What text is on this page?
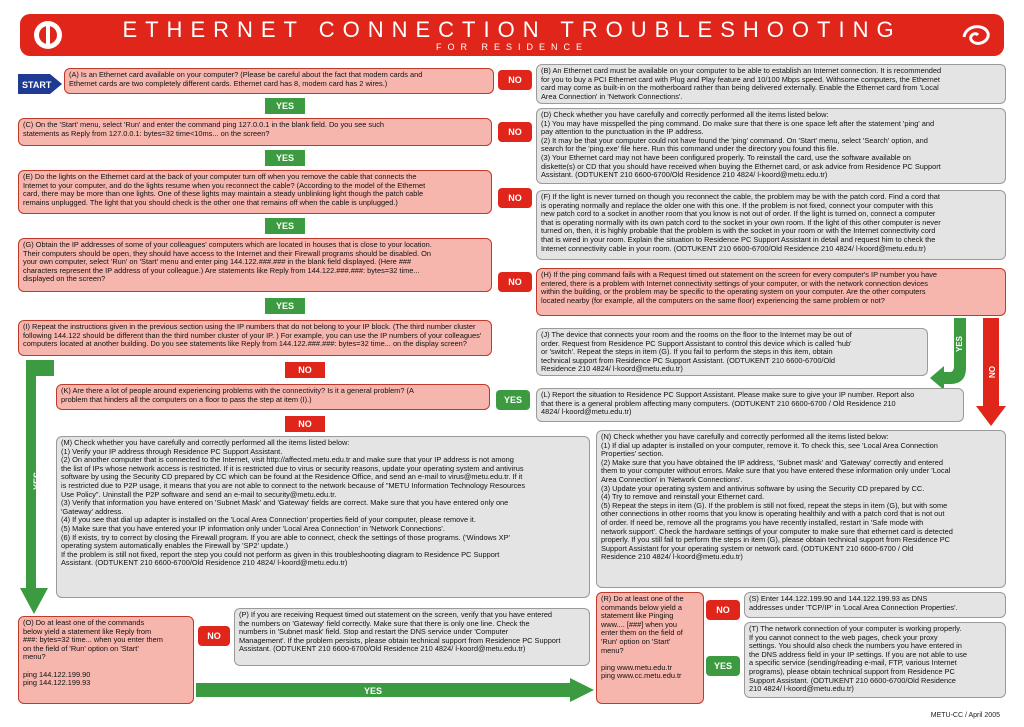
ETHERNET CONNECTION TROUBLESHOOTING
FOR RESIDENCE
START
(A) Is an Ethernet card available on your computer? (Please be careful about the fact that modem cards and
Ethernet cards are two completely different cards. Ethernet card has 8, modem card has 2 wires.)	NO
(B) An Ethernet card must be available on your computer to be able to establish an Internet connection. It is recommended
for you to buy a PCI Ethernet card with Plug and Play feature and 10/100 Mbps speed. Withsome computers, the Ethernet
card may come as built-in on the motherboard rather than being delivered externally. Enable the Ethernet card from 'Local
Area Connection' in 'Network Connections'.
YES
(C) On the 'Start' menu, select 'Run' and enter the command ping 127.0.0.1 in the blank field. Do you see such
statements as Reply from 127.0.0.1: bytes=32 time<10ms... on the screen?	NO
(D) Check whether you have carefully and correctly performed all the items listed below:
(1) You may have misspelled the ping command. Do make sure that there is one space left after the statement 'ping' and
pay attention to the punctuation in the IP address.
(2) It may be that your computer could not have found the 'ping' command. On 'Start' menu, select 'Search' option, and
search for the 'ping.exe' file here. Run this command under the directory you found this file.
(3) Your Ethernet card may not have been configured properly. To reinstall the card, use the software available on
diskette(s) or CD that you should have received when buying the Ethernet card, or ask advice from Residence PC Support
Assistant. (ODTUKENT 210 6600-6700/Old Residence 210 4824/ l-koord@metu.edu.tr)
YES
(E) Do the lights on the Ethernet card at the back of your computer turn off when you remove the cable that connects the
Internet to your computer, and do the lights resume when you reconnect the cable? (According to the model of the Ethernet
card, there may be more than one lights. One of these lights may maintain a steady unblinking light though the patch cable
remains unplugged. The light that you should check is the other one that remains off when the cable is unplugged.)	NO	(F) If the light is never turned on though you reconnect the cable, the problem may be with the patch cord. Find a cord that
is operating normally and replace the older one with this one. If the problem is not fixed, connect your computer with this
new patch cord to a socket in another room that you know is not out of order. If the light is turned on, connect a computer
that is operating normally with its own patch cord to the socket in your own room. If the light of this other computer is never
turned on, then, it is highly probable that the problem is with the socket in your room or with the Internet connectivity cord
that is wired in your room. Explain the situation to Residence PC Support Assistant in detail and request him to check the
Internet connectivity cable in your room. (ODTUKENT 210 6600-6700/Old Residence 210 4824/ l-koord@metu.edu.tr)
YES
(G) Obtain the IP addresses of some of your colleagues' computers which are located in houses that is close to your location.
Their computers should be open, they should have access to the Internet and their Firewall programs should be disabled. On
your own computer, select 'Run' on 'Start' menu and enter ping 144.122.###.### in the blank field displayed. (Here ###
characters represent the IP address of your colleague.) Are statements like Reply from 144.122.###.###: bytes=32 time...
displayed on the screen?	NO
(H) If the ping command fails with a Request timed out statement on the screen for every computer's IP number you have
entered, there is a problem with Internet connectivity settings of your computer, or with the network connection devices
within the building, or the problem may be specific to the operating system on your computer. Are the other computers
located nearby (for example, all the computers on the same floor) experiencing the same problem or not?
YES
(I) Repeat the instructions given in the previous section using the IP numbers that do not belong to your IP block. (The third number cluster
following 144.122 should be different than the third number cluster of your IP. ) For example, you can use the IP numbers of your colleagues'
computers located at another building. Do you see statements like Reply from 144.122.###.###: bytes=32 time... on the display screen?
(J) The device that connects your room and the rooms on the floor to the Internet may be out of
order. Request from Residence PC Support Assistant to control this device which is called 'hub'
or 'switch'. Repeat the steps in item (G). If you fail to perform the steps in this item, obtain
technical support from Residence PC Support Assistant. (ODTUKENT 210 6600-6700/Old
Residence 210 4824/ l-koord@metu.edu.tr)
YES
NO
NO
(K) Are there a lot of people around experiencing problems with the connectivity? Is it a general problem? (A
problem that hinders all the computers on a floor to pass the step at item (I).)	YES
(L) Report the situation to Residence PC Support Assistant. Please make sure to give your IP number. Report also
that there is a general problem affecting many computers. (ODTUKENT 210 6600-6700 / Old Residence 210
4824/ l-koord@metu.edu.tr)
YES
NO
(M) Check whether you have carefully and correctly performed all the items listed below:
(1) Verify your IP address through Residence PC Support Assistant.
(2) On another computer that is connected to the Internet, visit http://affected.metu.edu.tr and make sure that your IP address is not among
the list of IPs whose network access is restricted. If it is restricted due to virus or security reasons, update your operating system and antivirus
software by using the Security CD prepared by CC which can be found at the Residence Office, and send an e-mail to virus@metu.edu.tr. If it
is restricted due to P2P usage, it means that you are not able to connect to the network because of "METU Information Technology Resources
Use Policy". Uninstall the P2P software and send an e-mail to security@metu.edu.tr.
(3) Verify that information you have entered on 'Subnet Mask' and 'Gateway' fields are correct. Make sure that you have entered only one
'Gateway' address.
(4) If you see that dial up adapter is installed on the 'Local Area Connection' properties field of your computer, please remove it.
(5) Make sure that you have entered your IP information only under 'Local Area Connection' in 'Network Connections'.
(6) If exists, try to correct by closing the Firewall program. If you are able to connect, check the settings of those programs. ('Windows XP'
operating system automatically enables the Firewall by 'SP2' update.)
If the problem is still not fixed, report the step you could not perform as given in this troubleshooting diagram to Residence PC Support
Assistant. (ODTUKENT 210 6600-6700/Old Residence 210 4824/ l-koord@metu.edu.tr)
(N) Check whether you have carefully and correctly performed all the items listed below:
(1) If dial up adapter is installed on your computer, remove it. To check this, see 'Local Area Connection
Properties' section.
(2) Make sure that you have obtained the IP address, 'Subnet mask' and 'Gateway' correctly and entered
them to your computer without errors. Make sure that you have entered these information only under 'Local
Area Connection' in 'Network Connections'.
(3) Update your operating system and antivirus software by using the Security CD prepared by CC.
(4) Try to remove and reinstall your Ethernet card.
(5) Repeat the steps in item (G). If the problem is still not fixed, repeat the steps in item (G), but with some
other connections in other rooms that you know is operating healthily and with a patch cord that is not out
of order. If need be, remove all the programs you have recently installed, restart in 'Safe mode with
network support'. Check the hardware settings of your computer to make sure that ethernet card is detected
properly. If you still fail to perform the steps in item (G), please obtain technical support from Residence PC
Support Assistant for your operating system or network card. (ODTUKENT 210 6600-6700 / Old
Residence 210 4824/ l-koord@metu.edu.tr)
(O) Do at least one of the commands
below yield a statement like Reply from
###: bytes=32 time... when you enter them
on the field of 'Run' option on 'Start'
menu?

ping 144.122.199.90
ping 144.122.199.93
NO
(P) If you are receiving Request timed out statement on the screen, verify that you have entered
the numbers on 'Gateway' field correctly. Make sure that there is only one line. Check the
numbers in 'Subnet mask' field. Stop and restart the DNS service under 'Computer
Management'. If the problem persists, please obtain technical support from Residence PC Support
Assistant. (ODTUKENT 210 6600-6700/Old Residence 210 4824/ l-koord@metu.edu.tr)
YES
(R) Do at least one of the
commands below yield a
statement like Pinging
www.... [###] when you
enter them on the field of
'Run' option on 'Start'
menu?

ping www.metu.edu.tr
ping www.cc.metu.edu.tr
NO
YES
(S) Enter 144.122.199.90 and 144.122.199.93 as DNS
addresses under 'TCP/IP' in 'Local Area Connection Properties'.
(T) The network connection of your computer is working properly.
If you cannot connect to the web pages, check your proxy
settings. You should also check the numbers you have entered in
the DNS address field in your IP settings. If you are not able to use
a specific service (sending/reading e-mail, FTP, various Internet
programs), please obtain technical support from Residence PC
Support Assistant. (ODTUKENT 210 6600-6700/Old Residence
210 4824/ l-koord@metu.edu.tr)
METU-CC / April 2005
